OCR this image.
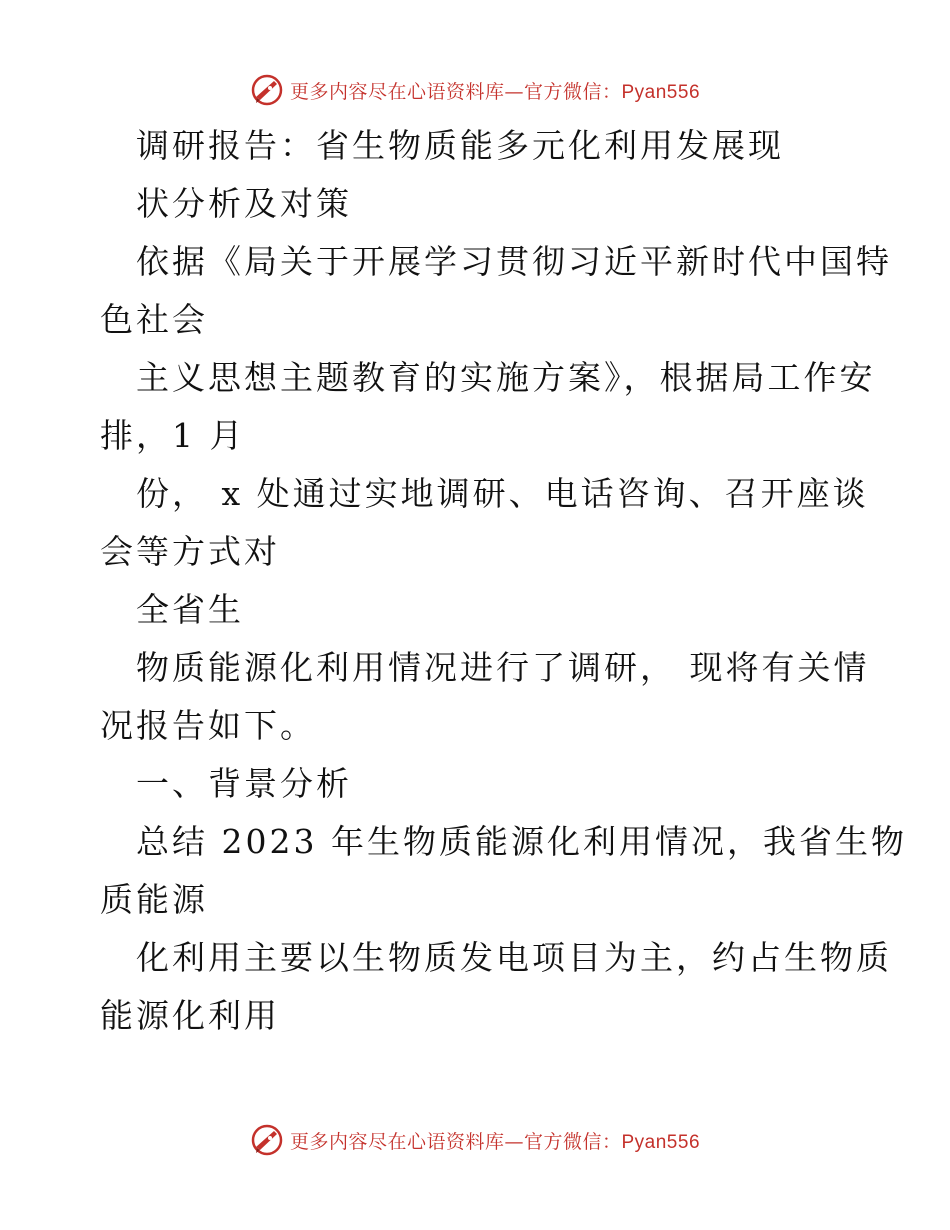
更多内容尽在心语资料库—官方微信：Pyan556
调研报告：省生物质能多元化利用发展现
状分析及对策
依据《局关于开展学习贯彻习近平新时代中国特
色社会
主义思想主题教育的实施方案》，根据局工作安
排，1 月
份， x 处通过实地调研、电话咨询、召开座谈
会等方式对
全省生
物质能源化利用情况进行了调研， 现将有关情
况报告如下。
一、背景分析
总结 2023 年生物质能源化利用情况，我省生物
质能源
化利用主要以生物质发电项目为主，约占生物质
能源化利用
更多内容尽在心语资料库—官方微信：Pyan556
